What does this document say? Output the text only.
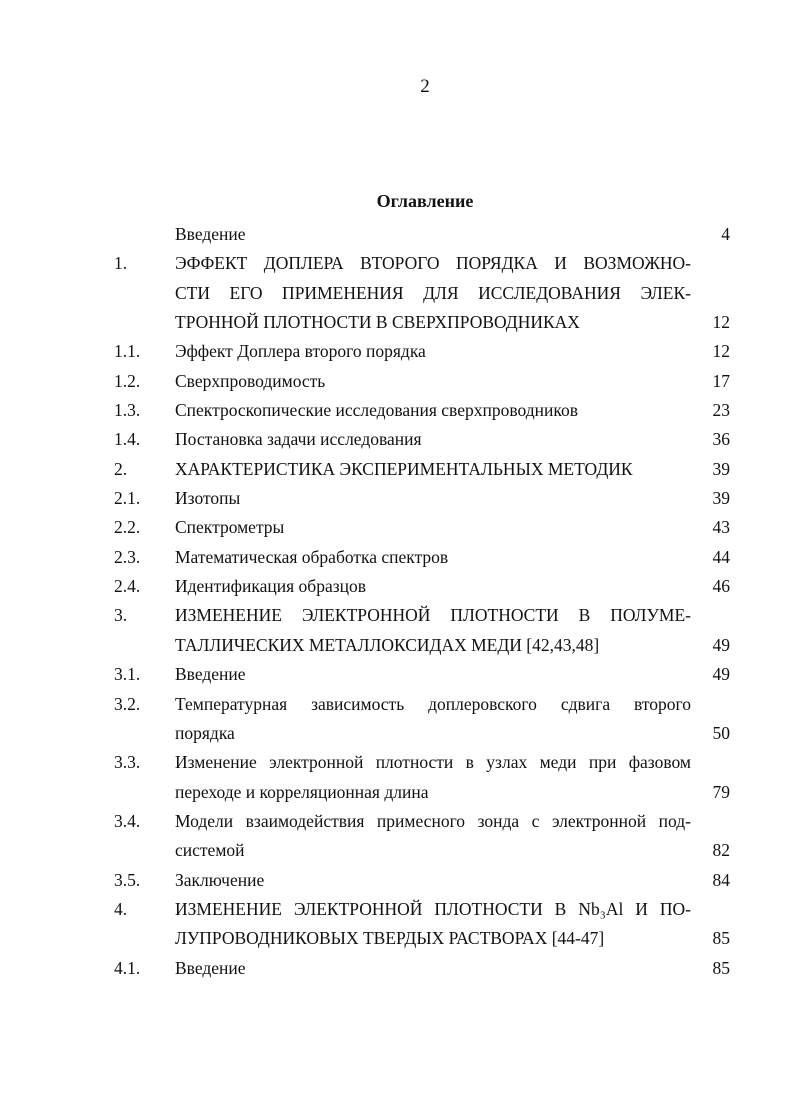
2
Оглавление
Введение	4
1.	ЭФФЕКТ ДОПЛЕРА ВТОРОГО ПОРЯДКА И ВОЗМОЖНО-
СТИ ЕГО ПРИМЕНЕНИЯ ДЛЯ ИССЛЕДОВАНИЯ ЭЛЕК-
ТРОННОЙ ПЛОТНОСТИ В СВЕРХПРОВОДНИКАХ	12
1.1. Эффект Доплера второго порядка	12
1.2. Сверхпроводимость	17
1.3. Спектроскопические исследования сверхпроводников	23
1.4. Постановка задачи исследования	36
2.	ХАРАКТЕРИСТИКА ЭКСПЕРИМЕНТАЛЬНЫХ МЕТОДИК	39
2.1. Изотопы	39
2.2. Спектрометры	43
2.3. Математическая обработка спектров	44
2.4. Идентификация образцов	46
3.	ИЗМЕНЕНИЕ ЭЛЕКТРОННОЙ ПЛОТНОСТИ В ПОЛУМЕ-
ТАЛЛИЧЕСКИХ МЕТАЛЛОКСИДАХ МЕДИ [42,43,48]	49
3.1. Введение	49
3.2. Температурная зависимость доплеровского сдвига второго
порядка	50
3.3. Изменение электронной плотности в узлах меди при фазовом
переходе и корреляционная длина	79
3.4. Модели взаимодействия примесного зонда с электронной под-
системой	82
3.5. Заключение	84
4.	ИЗМЕНЕНИЕ ЭЛЕКТРОННОЙ ПЛОТНОСТИ В Nb₃Al И ПО-
ЛУПРОВОДНИКОВЫХ ТВЕРДЫХ РАСТВОРАХ [44-47]	85
4.1. Введение	85
